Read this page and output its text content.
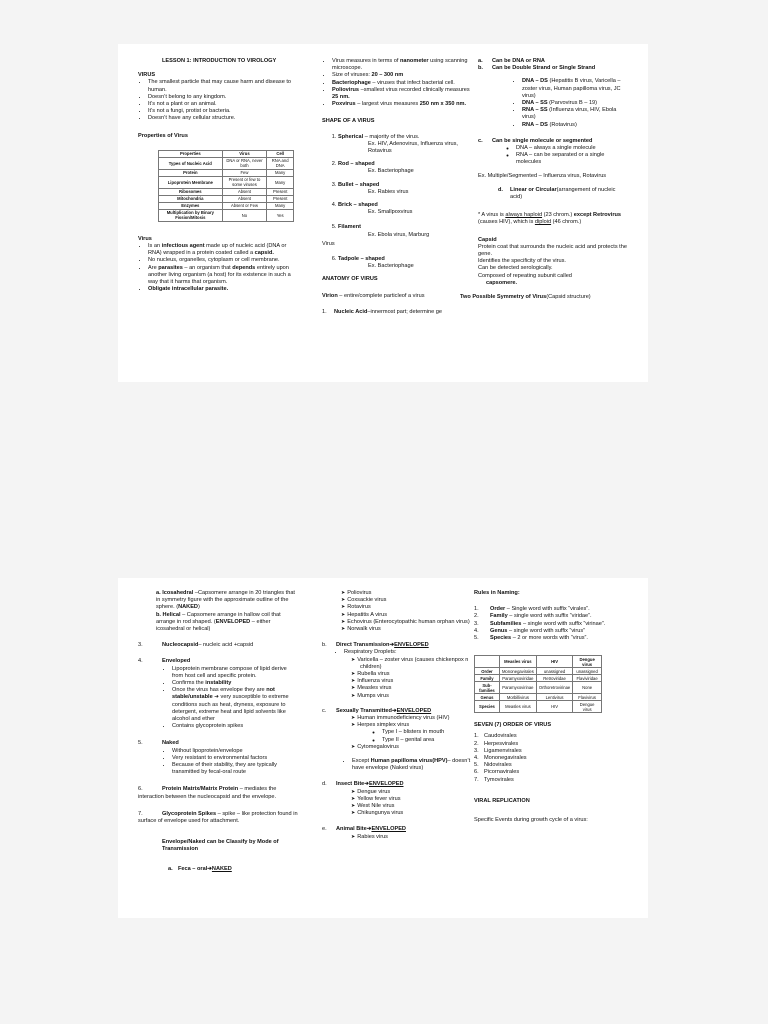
LESSON 1: INTRODUCTION TO VIROLOGY
VIRUS
• The smallest particle that may cause harm and disease to human.
• Doesn’t belong to any kingdom.
• It’s not a plant or an animal.
• It’s not a fungi, protist or bacteria.
• Doesn’t have any cellular structure.
Properties of Virus
Properties	Virus	Cell
Types of Nucleic Acid	DNA or RNA, never both	RNA and DNA
Protein	Few	Many
Lipoprotein Membrane	Present or few to some viruses	Many
Ribosomes	Absent	Present
Mitochondria	Absent	Present
Enzymes	Absent or Few	Many
Multiplication by Binary Fission/Mitosis	No	Yes
Virus
• Is an infectious agent made up of nucleic acid (DNA or RNA) wrapped in a protein coated called a capsid.
• No nucleus, organelles, cytoplasm or cell membrane.
• Are parasites – an organism that depends entirely upon another living organism (a host) for its existence in such a way that it harms that organism.
• Obligate intracellular parasite.
• Virus measures in terms of nanometer using scanning microscope.
• Size of viruses: 20 – 300 nm
• Bacteriophage – viruses that infect bacterial cell.
• Poliovirus –smallest virus recorded clinically measures 25 nm.
• Poxvirus – largest virus measures 250 nm x 350 nm.
SHAPE OF A VIRUS
1. Spherical – majority of the virus.
Ex. HIV, Adenovirus, Influenza virus, Rotavirus
2. Rod – shaped
Ex. Bacteriophage
3. Bullet – shaped
Ex. Rabies virus
4. Brick – shaped
Ex. Smallpoxvirus
5. Filament
Ex. Ebola virus, Marburg
Virus
6. Tadpole – shaped
Ex. Bacteriophage
ANATOMY OF VIRUS
Virion – entire/complete particleof a virus
1. Nucleic Acid–innermost part; determine ge
a. Can be DNA or RNA
b.	Can be Double Strand or Single Strand
• DNA – DS (Hepatitis B virus, Varicella – zoster virus, Human papilloma virus, JC virus)
• DNA – SS (Parvovirus B – 19)
• RNA – SS (Influenza virus, HIV, Ebola virus)
• RNA – DS (Rotavirus)
c.	Can be single molecule or segmented
◦ DNA – always a single molecule
◦ RNA – can be separated or a single molecules
Ex. Multiple/Segmented – Influenza virus, Rotavirus
d.	Linear or Circular(arrangement of nucleic acid)
* A virus is always haploid (23 chrom.) except Retrovirus (causes HIV), which is diploid (46 chrom.)
Capsid
Protein coat that surrounds the nucleic acid and protects the gene.
Identifies the specificity of the virus.
Can be detected serologically.
Composed of repeating subunit called
capsomere.
Two Possible Symmetry of Virus(Capsid structure)
a. Icosahedral –Capsomere arrange in 20 triangles that in symmetry figure with the approximate outline of the sphere. (NAKED)
b. Helical – Capsomere arrange in hallow coil that arrange in rod shaped. (ENVELOPED – either icosahedral or helical)
3.	Nucleocapsid– nucleic acid +capsid
4.	Enveloped
• Lipoprotein membrane compose of lipid derive from host cell and specific protein.
• Confirms the instability
• Once the virus has envelope they are not stable/unstable ➔ very susceptible to extreme conditions such as heat, dryness, exposure to detergent, extreme heat and lipid solvents like alcohol and ether
• Contains glycoprotein spikes
5.	Naked
• Without lipoprotein/envelope
• Very resistant to environmental factors
• Because of their stability, they are typically transmitted by fecal-oral route
6.	Protein Matrix/Matrix Protein – mediates the interaction between the nucleocapsid and the envelope.
7.	Glycoprotein Spikes – spike – like protection found in surface of envelope used for attachment.
Envelope/Naked can be Classify by Mode of Transmission
a. Feca – oral➔NAKED
➤ Poliovirus
➤ Coxsackie virus
➤ Rotavirus
➤ Hepatitis A virus
➤ Echovirus (Enterocytopathic human orphan virus)
➤ Norwalk virus
b. Direct Transmission➔ENVELOPED
• Respiratory Droplets:
➤ Varicella – zoster virus (causes chickenpox n children)
➤ Rubella virus
➤ Influenza virus
➤ Measles virus
➤ Mumps virus
c. Sexually Transmitted➔ENVELOPED
➤ Human immunodeficiency virus (HIV)
➤ Herpes simplex virus
◦ Type I – blisters in mouth
◦ Type II – genital area
➤ Cytomegalovirus
• Except Human papilloma virus(HPV)– doesn’t have envelope (Naked virus)
d. Insect Bite➔ENVELOPED
➤ Dengue virus
➤ Yellow fever virus
➤ West Nile virus
➤ Chikungunya virus
e. Animal Bite➔ENVELOPED
➤ Rabies virus
Rules in Naming:
1.	Order – Single word with suffix “virales”.
2.	Family – single word with suffix “viridae”.
3.	Subfamilies – single word with suffix “virinae”.
4.	Genus – single word with suffix “virus”
5.	Species – 2 or more words with “virus”.
	Measles virus	HIV	Dengue virus
Order	Mononegavirales	unassigned	unassigned
Family	Paramyxoviridae	Retroviridae	Flaviviridae
Sub-families	Paramyxovirinae	Orthoretrovirinae	None
Genus	Morbillivirus	Lentivirus	Flavivirus
Species	Measles virus	HIV	Dengue virus
SEVEN (7) ORDER OF VIRUS
1. Caudovirales
2. Herpesvirales
3. Ligamenvirales
4. Mononegavirales
5. Nidovirales
6. Picornavirales
7. Tymovirales
VIRAL REPLICATION
Specific Events during growth cycle of a virus:
